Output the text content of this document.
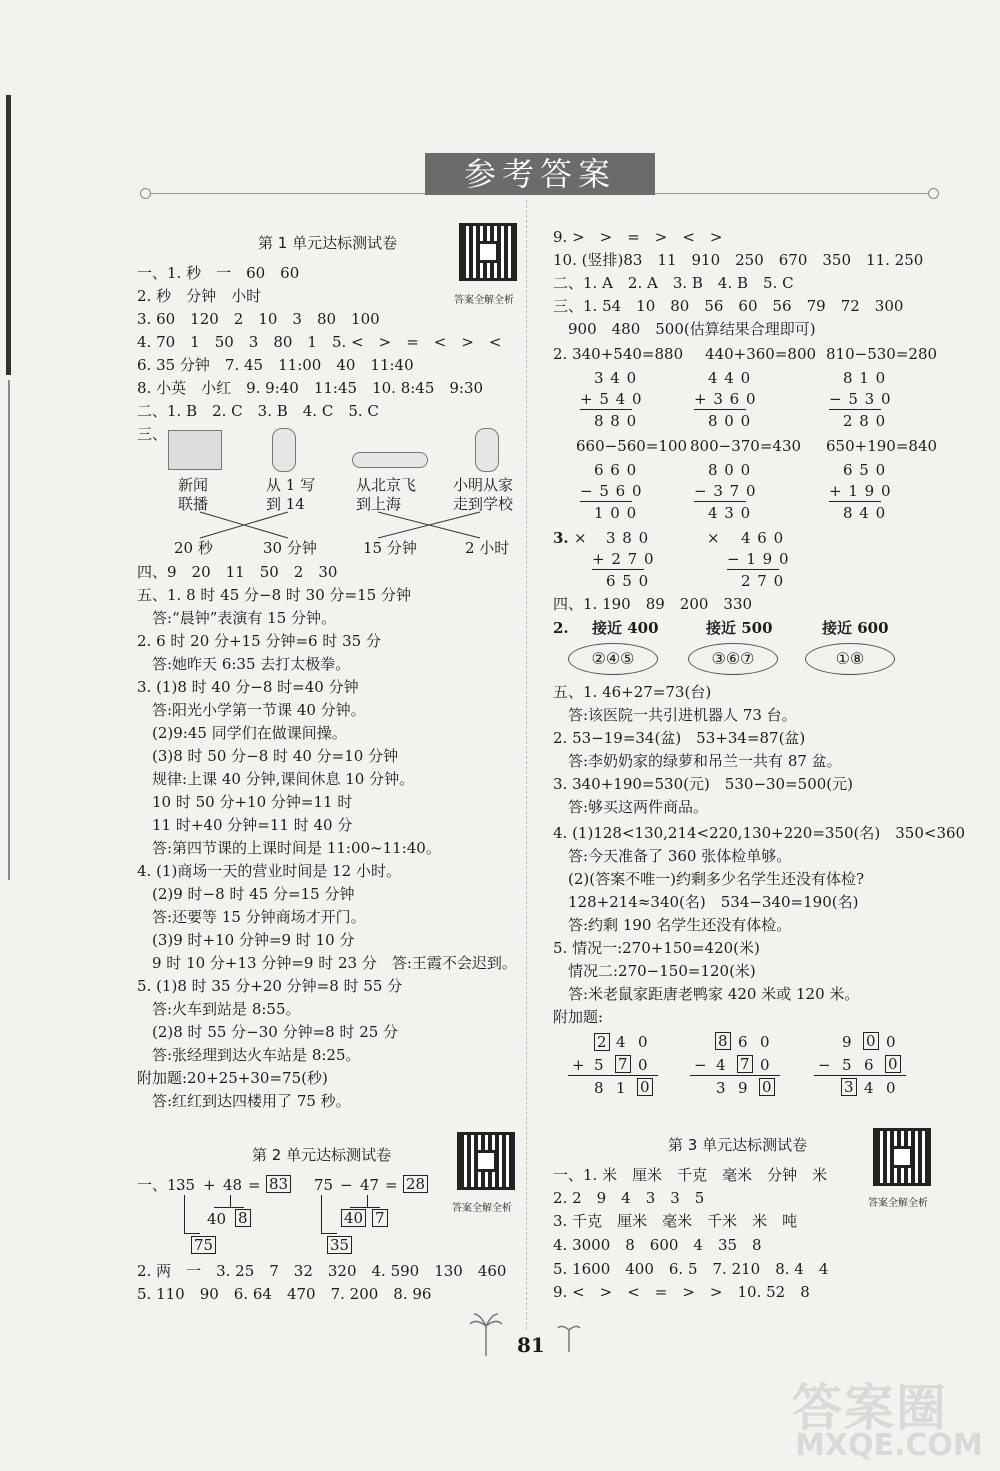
参考答案
第 1 单元达标测试卷
答案全解全析
一、1. 秒　一　60　60
2. 秒　分钟　小时
3. 60　120　2　10　3　80　100
4. 70　1　50　3　80　1　5. <　>　=　<　>　<
6. 35 分钟　7. 45　11:00　40　11:40
8. 小英　小红　9. 9:40　11:45　10. 8:45　9:30
二、1. B　2. C　3. B　4. C　5. C
三、
新闻
联播
从 1 写
到 14
从北京飞
到上海
小明从家
走到学校
20 秒	30 分钟	15 分钟	2 小时
四、9　20　11　50　2　30
五、1. 8 时 45 分−8 时 30 分=15 分钟
　答:“晨钟”表演有 15 分钟。
2. 6 时 20 分+15 分钟=6 时 35 分
　答:她昨天 6:35 去打太极拳。
3. (1)8 时 40 分−8 时=40 分钟
　答:阳光小学第一节课 40 分钟。
　(2)9:45 同学们在做课间操。
　(3)8 时 50 分−8 时 40 分=10 分钟
　规律:上课 40 分钟,课间休息 10 分钟。
　10 时 50 分+10 分钟=11 时
　11 时+40 分钟=11 时 40 分
　答:第四节课的上课时间是 11:00~11:40。
4. (1)商场一天的营业时间是 12 小时。
　(2)9 时−8 时 45 分=15 分钟
　答:还要等 15 分钟商场才开门。
　(3)9 时+10 分钟=9 时 10 分
　9 时 10 分+13 分钟=9 时 23 分　答:王霞不会迟到。
5. (1)8 时 35 分+20 分钟=8 时 55 分
　答:火车到站是 8:55。
　(2)8 时 55 分−30 分钟=8 时 25 分
　答:张经理到达火车站是 8:25。
附加题:20+25+30=75(秒)
　答:红红到达四楼用了 75 秒。
第 2 单元达标测试卷
答案全解全析
一、1.
35 + 48 = 83 75 − 47 = 28
40 8
75
40 7
35
2. 两　一　3. 25　7　32　320　4. 590　130　460
5. 110　90　6. 64　470　7. 200　8. 96
9. >　>　=　>　<　>
10. (竖排)83　11　910　250　670　350　11. 250
二、1. A　2. A　3. B　4. B　5. C
三、1. 54　10　80　56　60　56　79　72　300
　900　480　500(估算结果合理即可)
2. 340+540=880 440+360=800 810−530=280
3 4 0
+ 5 4 0
8 8 0
4 4 0
+ 3 6 0
8 0 0
8 1 0
− 5 3 0
2 8 0
660−560=100 800−370=430 650+190=840
6 6 0
− 5 6 0
1 0 0
8 0 0
− 3 7 0
4 3 0
6 5 0
+ 1 9 0
8 4 0
3. × 3 8 0
+ 2 7 0
6 5 0
× 4 6 0
− 1 9 0
2 7 0
四、1. 190　89　200　330
2. 接近 400	接近 500	接近 600
②④⑤	③⑥⑦	①⑧
五、1. 46+27=73(台)
　答:该医院一共引进机器人 73 台。
2. 53−19=34(盆)　53+34=87(盆)
　答:李奶奶家的绿萝和吊兰一共有 87 盆。
3. 340+190=530(元)　530−30=500(元)
　答:够买这两件商品。
4. (1)128<130,214<220,130+220=350(名)　350<360
　答:今天准备了 360 张体检单够。
　(2)(答案不唯一)约剩多少名学生还没有体检?
　128+214≈340(名)　534−340=190(名)
　答:约剩 190 名学生还没有体检。
5. 情况一:270+150=420(米)
　情况二:270−150=120(米)
　答:米老鼠家距唐老鸭家 420 米或 120 米。
附加题:
2 4 0
+ 5 7 0
8 1 0
8 6 0
− 4 7 0
3 9 0
9 0 0
− 5 6 0
3 4 0
第 3 单元达标测试卷
答案全解全析
一、1. 米　厘米　千克　毫米　分钟　米
2. 2　9　4　3　3　5
3. 千克　厘米　毫米　千米　米　吨
4. 3000　8　600　4　35　8
5. 1600　400　6. 5　7. 210　8. 4　4
9. <　>　<　=　>　>　10. 52　8
81
答案圈
MXQE.COM
